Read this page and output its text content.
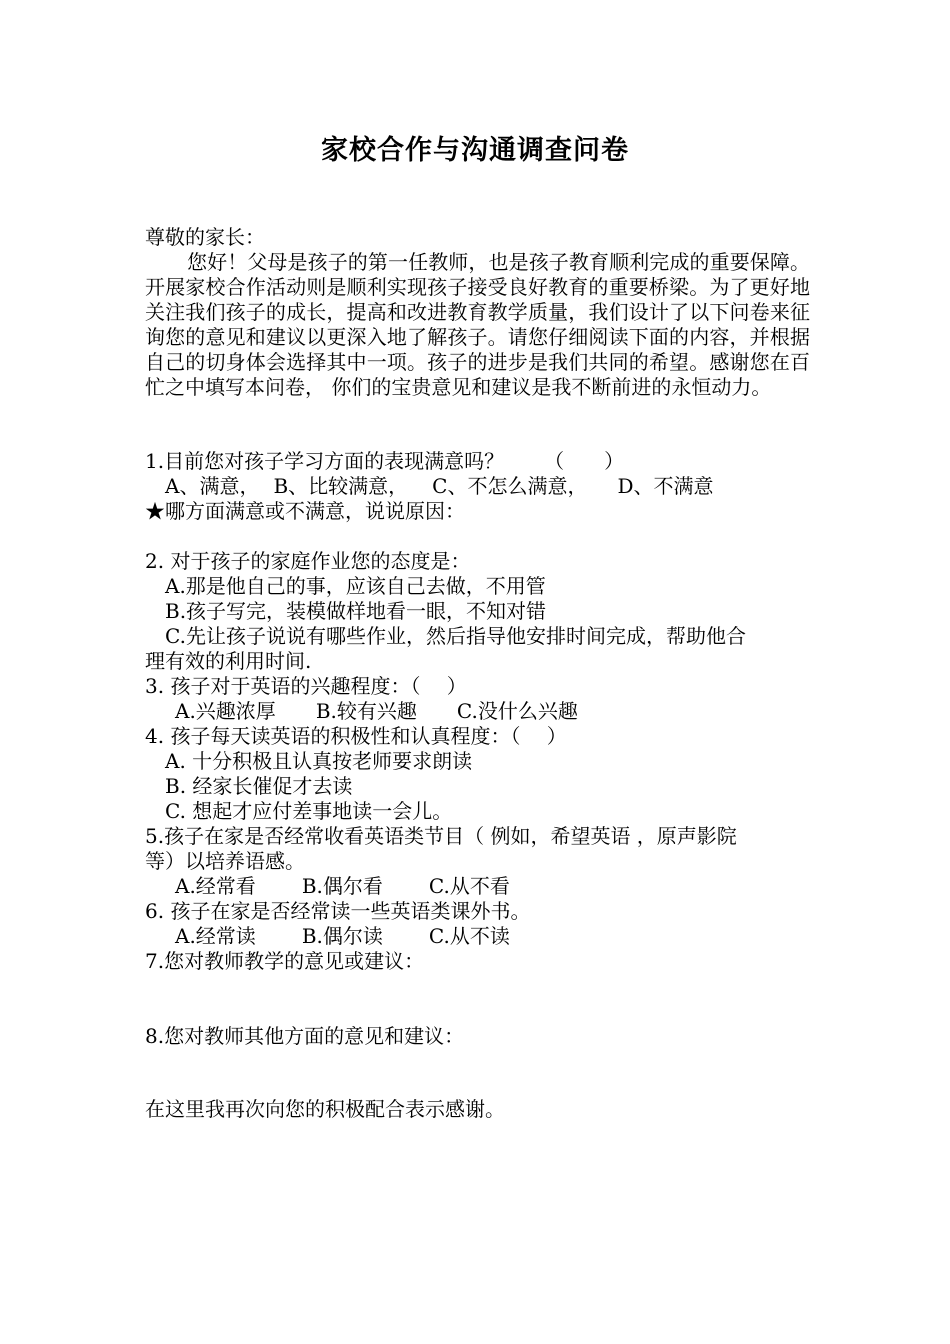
家校合作与沟通调查问卷
尊敬的家长：
您好！父母是孩子的第一任教师，也是孩子教育顺利完成的重要保障。开展家校合作活动则是顺利实现孩子接受良好教育的重要桥梁。为了更好地关注我们孩子的成长，提高和改进教育教学质量，我们设计了以下问卷来征询您的意见和建议以更深入地了解孩子。请您仔细阅读下面的内容，并根据自己的切身体会选择其中一项。孩子的进步是我们共同的希望。感谢您在百忙之中填写本问卷， 你们的宝贵意见和建议是我不断前进的永恒动力。
1.目前您对孩子学习方面的表现满意吗？ （　　）
A、满意， B、比较满意， C、不怎么满意， D、不满意
★哪方面满意或不满意，说说原因：
2. 对于孩子的家庭作业您的态度是：
A.那是他自己的事，应该自己去做，不用管
B.孩子写完，装模做样地看一眼，不知对错
C.先让孩子说说有哪些作业，然后指导他安排时间完成，帮助他合
理有效的利用时间.
3. 孩子对于英语的兴趣程度：（　 ）
A.兴趣浓厚 B.较有兴趣 C.没什么兴趣
4. 孩子每天读英语的积极性和认真程度：（　 ）
A. 十分积极且认真按老师要求朗读
B. 经家长催促才去读
C. 想起才应付差事地读一会儿。
5.孩子在家是否经常收看英语类节目（ 例如，希望英语 ，原声影院
等）以培养语感。
A.经常看 B.偶尔看 C.从不看
6. 孩子在家是否经常读一些英语类课外书。
A.经常读 B.偶尔读 C.从不读
7.您对教师教学的意见或建议：
8.您对教师其他方面的意见和建议：
在这里我再次向您的积极配合表示感谢。
